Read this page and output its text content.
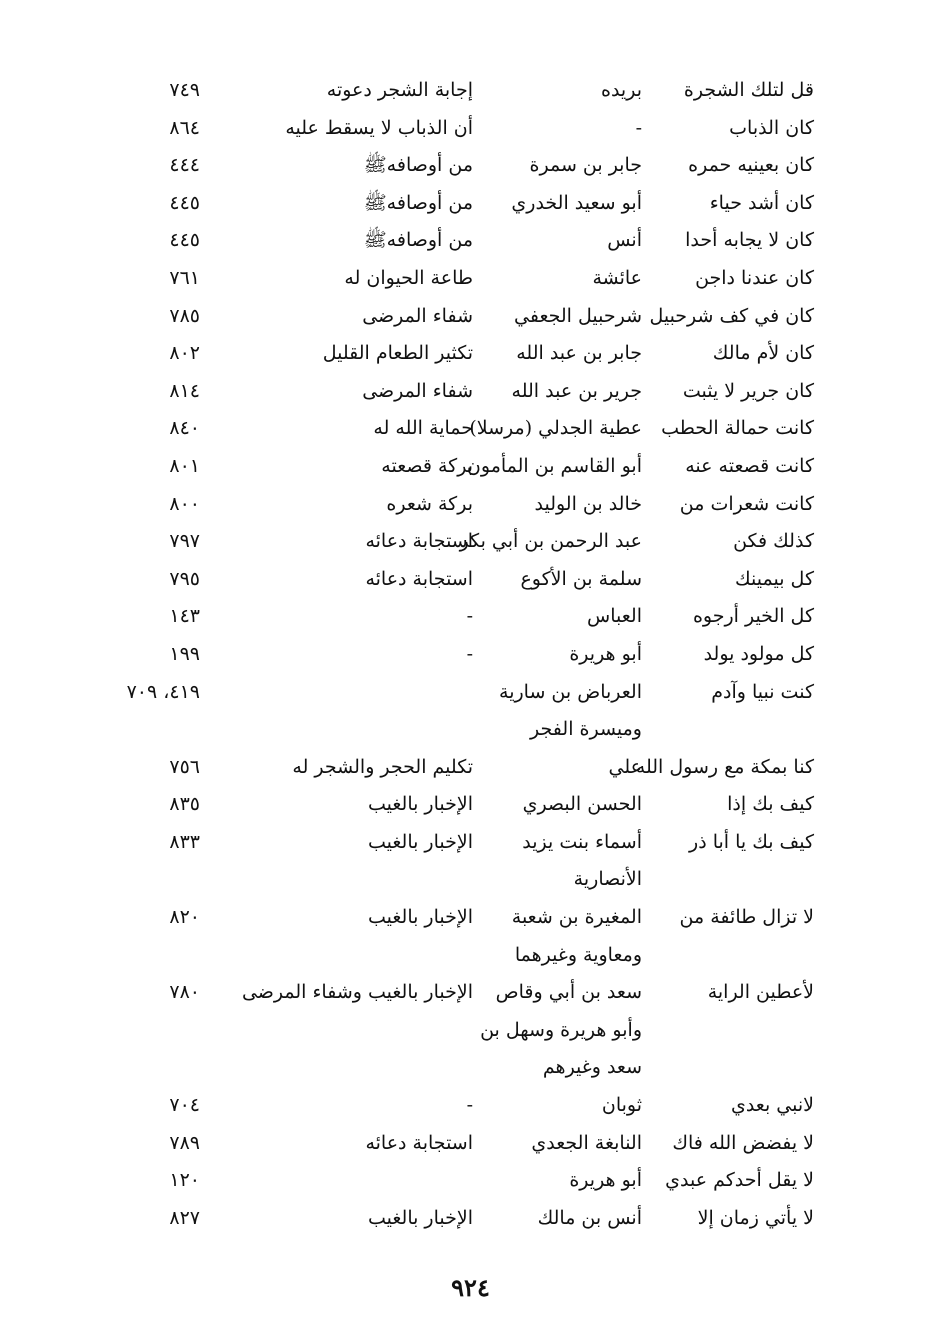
قل لتلك الشجرة
بريده
إجابة الشجر دعوته
٧٤٩
كان الذباب
-
أن الذباب لا يسقط عليه
٨٦٤
كان بعينيه حمره
جابر بن سمرة
من أوصافهﷺ
٤٤٤
كان أشد حياء
أبو سعيد الخدري
من أوصافهﷺ
٤٤٥
كان لا يجابه أحدا
أنس
من أوصافهﷺ
٤٤٥
كان عندنا داجن
عائشة
طاعة الحيوان له
٧٦١
كان في كف شرحبيل
شرحبيل الجعفي
شفاء المرضى
٧٨٥
كان لأم مالك
جابر بن عبد الله
تكثير الطعام القليل
٨٠٢
كان جرير لا يثبت
جرير بن عبد الله
شفاء المرضى
٨١٤
كانت حمالة الحطب
عطية الجدلي (مرسلا)
حماية الله له
٨٤٠
كانت قصعته عنه
أبو القاسم بن المأمون
بركة قصعته
٨٠١
كانت شعرات من
خالد بن الوليد
بركة شعره
٨٠٠
كذلك فكن
عبد الرحمن بن أبي بكر
استجابة دعائه
٧٩٧
كل بيمينك
سلمة بن الأكوع
استجابة دعائه
٧٩٥
كل الخير أرجوه
العباس
-
١٤٣
كل مولود يولد
أبو هريرة
-
١٩٩
كنت نبيا وآدم
العرباض بن سارية
٤١٩، ٧٠٩
وميسرة الفجر
كنا بمكة مع رسول الله
علي
تكليم الحجر والشجر له
٧٥٦
كيف بك إذا
الحسن البصري
الإخبار بالغيب
٨٣٥
كيف بك يا أبا ذر
أسماء بنت يزيد
الإخبار بالغيب
٨٣٣
الأنصارية
لا تزال طائفة من
المغيرة بن شعبة
الإخبار بالغيب
٨٢٠
ومعاوية وغيرهما
لأعطين الراية
سعد بن أبي وقاص
الإخبار بالغيب وشفاء المرضى
٧٨٠
وأبو هريرة وسهل بن
سعد وغيرهم
لانبي بعدي
ثوبان
-
٧٠٤
لا يفضض الله فاك
النابغة الجعدي
استجابة دعائه
٧٨٩
لا يقل أحدكم عبدي
أبو هريرة
١٢٠
لا يأتي زمان إلا
أنس بن مالك
الإخبار بالغيب
٨٢٧
٩٢٤
